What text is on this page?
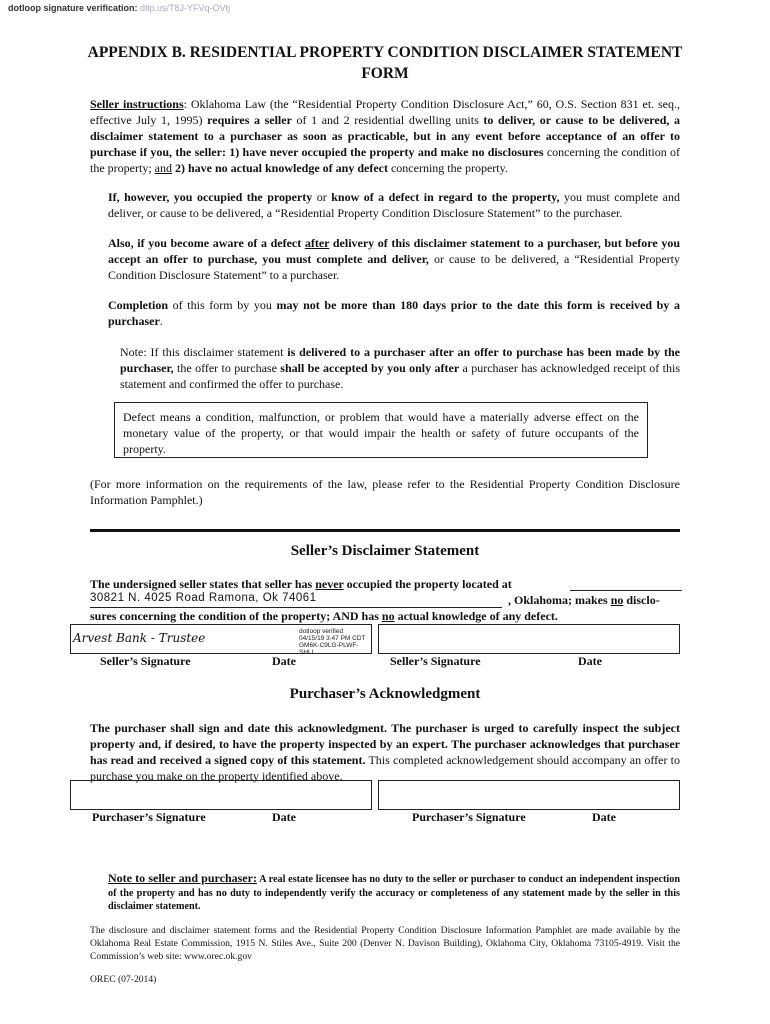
dotloop signature verification: dtlp.us/T8J-YFVq-OVtj
APPENDIX B. RESIDENTIAL PROPERTY CONDITION DISCLAIMER STATEMENT
FORM
Seller instructions: Oklahoma Law (the “Residential Property Condition Disclosure Act,” 60, O.S. Section 831 et. seq., effective July 1, 1995) requires a seller of 1 and 2 residential dwelling units to deliver, or cause to be delivered, a disclaimer statement to a purchaser as soon as practicable, but in any event before acceptance of an offer to purchase if you, the seller: 1) have never occupied the property and make no disclosures concerning the condition of the property; and 2) have no actual knowledge of any defect concerning the property.
If, however, you occupied the property or know of a defect in regard to the property, you must complete and deliver, or cause to be delivered, a “Residential Property Condition Disclosure Statement” to the purchaser.
Also, if you become aware of a defect after delivery of this disclaimer statement to a purchaser, but before you accept an offer to purchase, you must complete and deliver, or cause to be delivered, a “Residential Property Condition Disclosure Statement” to a purchaser.
Completion of this form by you may not be more than 180 days prior to the date this form is received by a purchaser.
Note: If this disclaimer statement is delivered to a purchaser after an offer to purchase has been made by the purchaser, the offer to purchase shall be accepted by you only after a purchaser has acknowledged receipt of this statement and confirmed the offer to purchase.
Defect means a condition, malfunction, or problem that would have a materially adverse effect on the monetary value of the property, or that would impair the health or safety of future occupants of the property.
(For more information on the requirements of the law, please refer to the Residential Property Condition Disclosure Information Pamphlet.)
Seller’s Disclaimer Statement
The undersigned seller states that seller has never occupied the property located at
30821 N. 4025 Road Ramona, Ok 74061	, Oklahoma; makes no disclo-
sures concerning the condition of the property; AND has no actual knowledge of any defect.
Arvest Bank - Trustee	dotloop verified
04/15/19 3:47 PM CDT
GM6K-C9LG-PLWF-SHLI
Seller’s Signature	Date	Seller’s Signature	Date
Purchaser’s Acknowledgment
The purchaser shall sign and date this acknowledgment. The purchaser is urged to carefully inspect the subject property and, if desired, to have the property inspected by an expert. The purchaser acknowledges that purchaser has read and received a signed copy of this statement. This completed acknowledgement should accompany an offer to purchase you make on the property identified above.
Purchaser’s Signature	Date	Purchaser’s Signature	Date
Note to seller and purchaser: A real estate licensee has no duty to the seller or purchaser to conduct an independent inspection of the property and has no duty to independently verify the accuracy or completeness of any statement made by the seller in this disclaimer statement.
The disclosure and disclaimer statement forms and the Residential Property Condition Disclosure Information Pamphlet are made available by the Oklahoma Real Estate Commission, 1915 N. Stiles Ave., Suite 200 (Denver N. Davison Building), Oklahoma City, Oklahoma 73105-4919. Visit the Commission’s web site: www.orec.ok.gov
OREC (07-2014)
